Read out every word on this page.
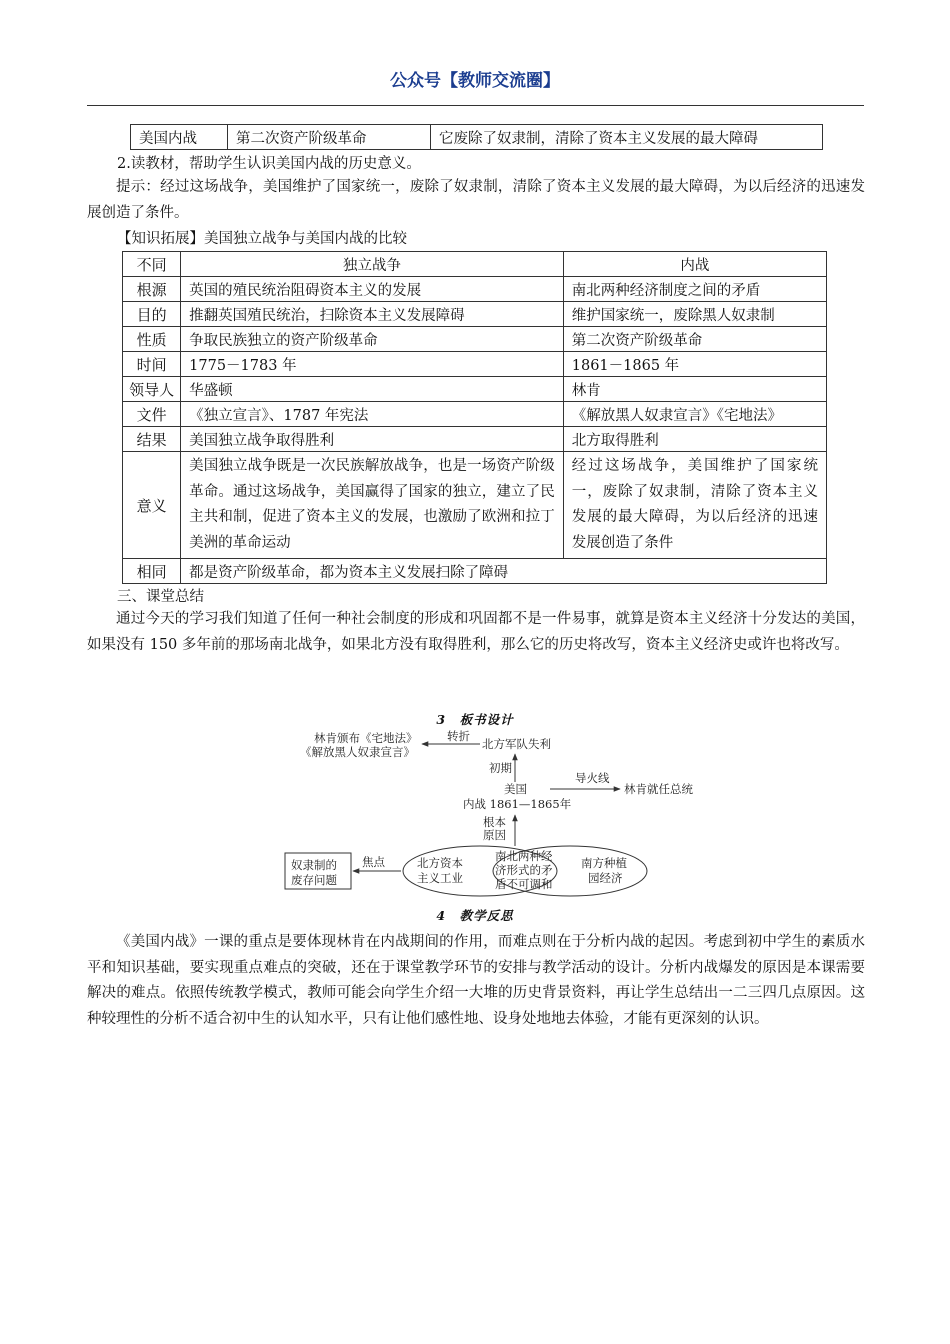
公众号【教师交流圈】
美国内战	第二次资产阶级革命	它废除了奴隶制，清除了资本主义发展的最大障碍
2.读教材，帮助学生认识美国内战的历史意义。

提示：经过这场战争，美国维护了国家统一，废除了奴隶制，清除了资本主义发展的最大障碍，为以后经济的迅速发展创造了条件。

【知识拓展】美国独立战争与美国内战的比较
不同	独立战争	内战
根源	英国的殖民统治阻碍资本主义的发展	南北两种经济制度之间的矛盾
目的	推翻英国殖民统治，扫除资本主义发展障碍	维护国家统一，废除黑人奴隶制
性质	争取民族独立的资产阶级革命	第二次资产阶级革命
时间	1775－1783 年	1861－1865 年
领导人	华盛顿	林肯
文件	《独立宣言》、1787 年宪法	《解放黑人奴隶宣言》《宅地法》
结果	美国独立战争取得胜利	北方取得胜利
意义	美国独立战争既是一次民族解放战争，也是一场资产阶级革命。通过这场战争，美国赢得了国家的独立，建立了民主共和制，促进了资本主义的发展，也激励了欧洲和拉丁美洲的革命运动	经过这场战争，美国维护了国家统一，废除了奴隶制，清除了资本主义发展的最大障碍，为以后经济的迅速发展创造了条件
相同	都是资产阶级革命，都为资本主义发展扫除了障碍	
三、课堂总结

通过今天的学习我们知道了任何一种社会制度的形成和巩固都不是一件易事，就算是资本主义经济十分发达的美国，如果没有 150 多年前的那场南北战争，如果北方没有取得胜利，那么它的历史将改写，资本主义经济史或许也将改写。

3　板书设计
林肯颁布《宅地法》
《解放黑人奴隶宣言》
转折
北方军队失利
初期
美国
内战 1861—1865年
导火线
林肯就任总统
根本
原因
奴隶制的
废存问题
焦点	北方资本
主义工业
南北两种经
济形式的矛
盾不可调和
南方种植
园经济
4　教学反思

《美国内战》一课的重点是要体现林肯在内战期间的作用，而难点则在于分析内战的起因。考虑到初中学生的素质水平和知识基础，要实现重点难点的突破，还在于课堂教学环节的安排与教学活动的设计。分析内战爆发的原因是本课需要解决的难点。依照传统教学模式，教师可能会向学生介绍一大堆的历史背景资料，再让学生总结出一二三四几点原因。这种较理性的分析不适合初中生的认知水平，只有让他们感性地、设身处地地去体验，才能有更深刻的认识。
